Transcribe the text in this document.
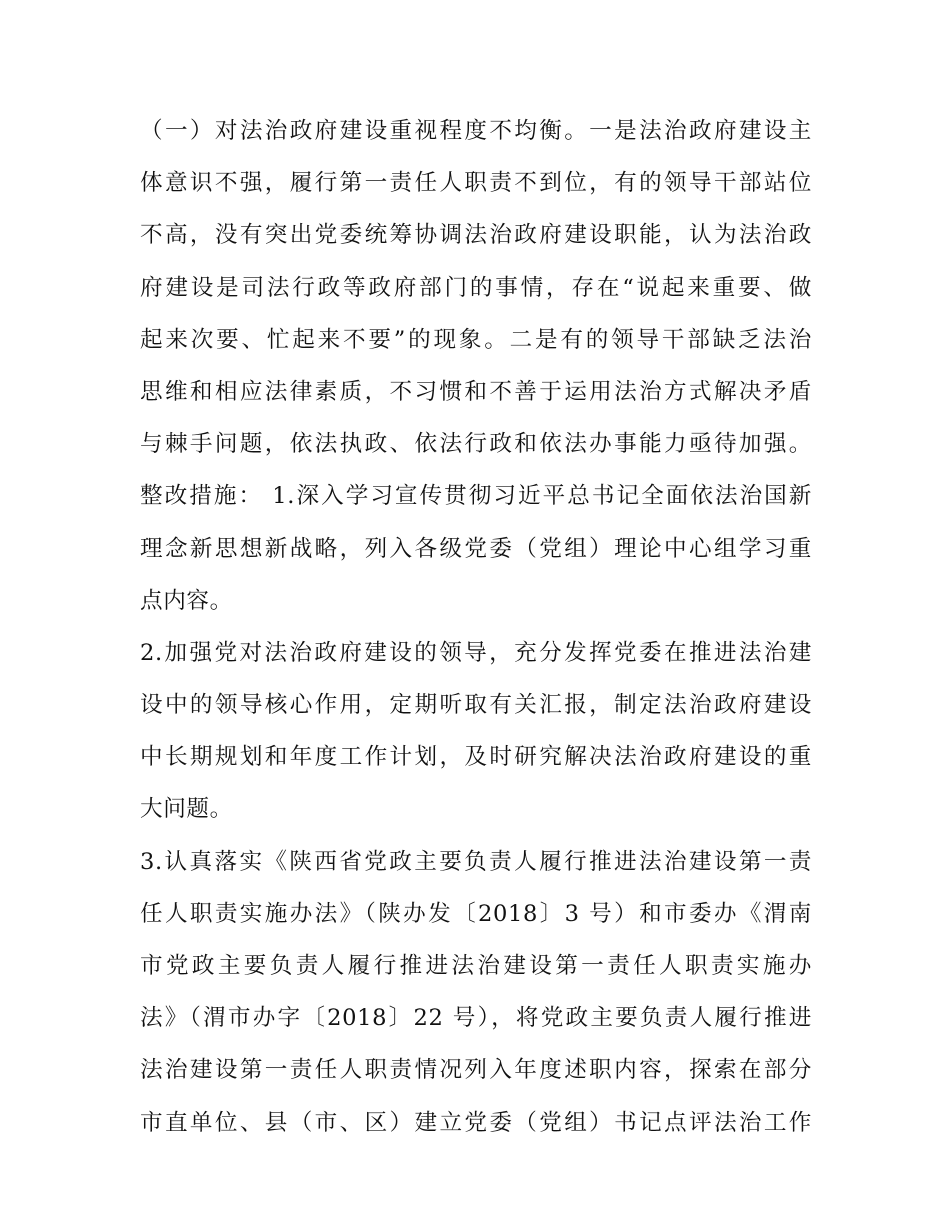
（一）对法治政府建设重视程度不均衡。一是法治政府建设主
体意识不强，履行第一责任人职责不到位，有的领导干部站位
不高，没有突出党委统筹协调法治政府建设职能，认为法治政
府建设是司法行政等政府部门的事情，存在“说起来重要、做
起来次要、忙起来不要”的现象。二是有的领导干部缺乏法治
思维和相应法律素质，不习惯和不善于运用法治方式解决矛盾
与棘手问题，依法执政、依法行政和依法办事能力亟待加强。
整改措施： 1.深入学习宣传贯彻习近平总书记全面依法治国新
理念新思想新战略，列入各级党委（党组）理论中心组学习重
点内容。
2.加强党对法治政府建设的领导，充分发挥党委在推进法治建
设中的领导核心作用，定期听取有关汇报，制定法治政府建设
中长期规划和年度工作计划，及时研究解决法治政府建设的重
大问题。
3.认真落实《陕西省党政主要负责人履行推进法治建设第一责
任人职责实施办法》（陕办发〔2018〕3 号）和市委办《渭南
市党政主要负责人履行推进法治建设第一责任人职责实施办
法》（渭市办字〔2018〕22 号），将党政主要负责人履行推进
法治建设第一责任人职责情况列入年度述职内容，探索在部分
市直单位、县（市、区）建立党委（党组）书记点评法治工作
